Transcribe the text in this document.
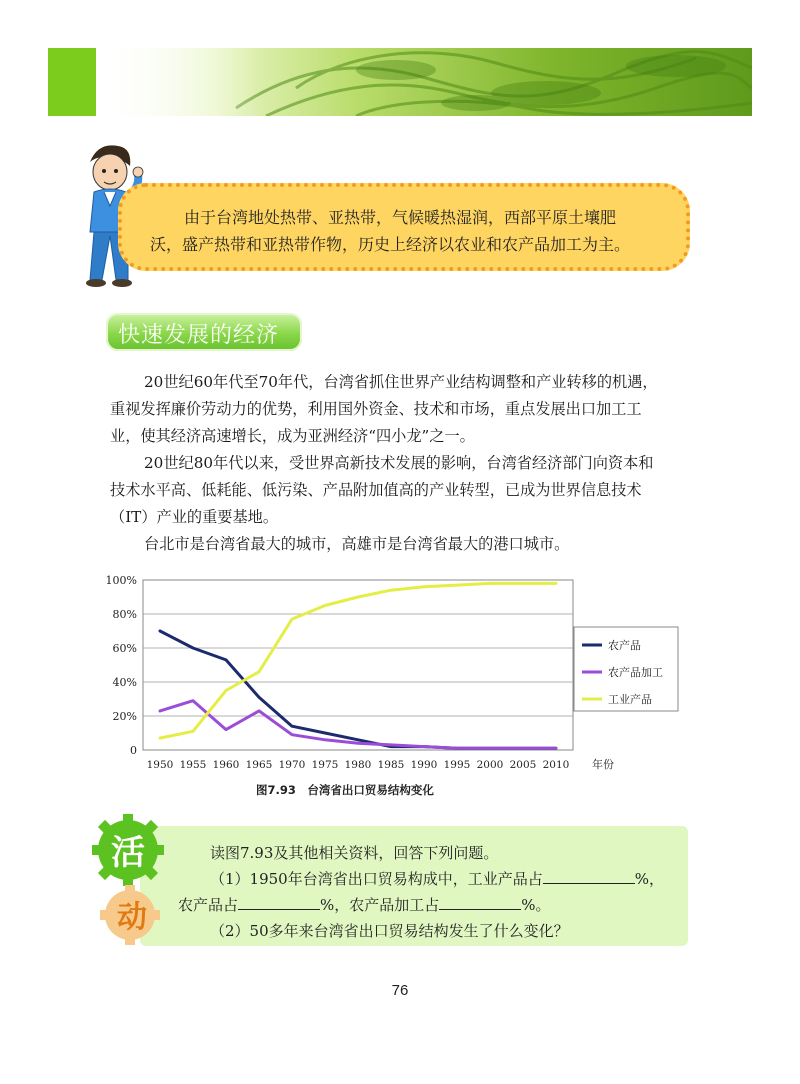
由于台湾地处热带、亚热带，气候暖热湿润，西部平原土壤肥
沃，盛产热带和亚热带作物，历史上经济以农业和农产品加工为主。
快速发展的经济

20世纪60年代至70年代，台湾省抓住世界产业结构调整和产业转移的机遇，

重视发挥廉价劳动力的优势，利用国外资金、技术和市场，重点发展出口加工工

业，使其经济高速增长，成为亚洲经济“四小龙”之一。

20世纪80年代以来，受世界高新技术发展的影响，台湾省经济部门向资本和

技术水平高、低耗能、低污染、产品附加值高的产业转型，已成为世界信息技术

（IT）产业的重要基地。

台北市是台湾省最大的城市，高雄市是台湾省最大的港口城市。

0
20%
40%
60%
80%
100%
1950 1955 1960 1965 1970 1975 1980 1985 1990 1995 2000 2005 2010 年份
农产品
农产品加工
工业产品
图7.93　台湾省出口贸易结构变化
活
动
读图7.93及其他相关资料，回答下列问题。
（1）1950年台湾省出口贸易构成中，工业产品占	%，
农产品占	%，农产品加工占	%。
（2）50多年来台湾省出口贸易结构发生了什么变化？
76
